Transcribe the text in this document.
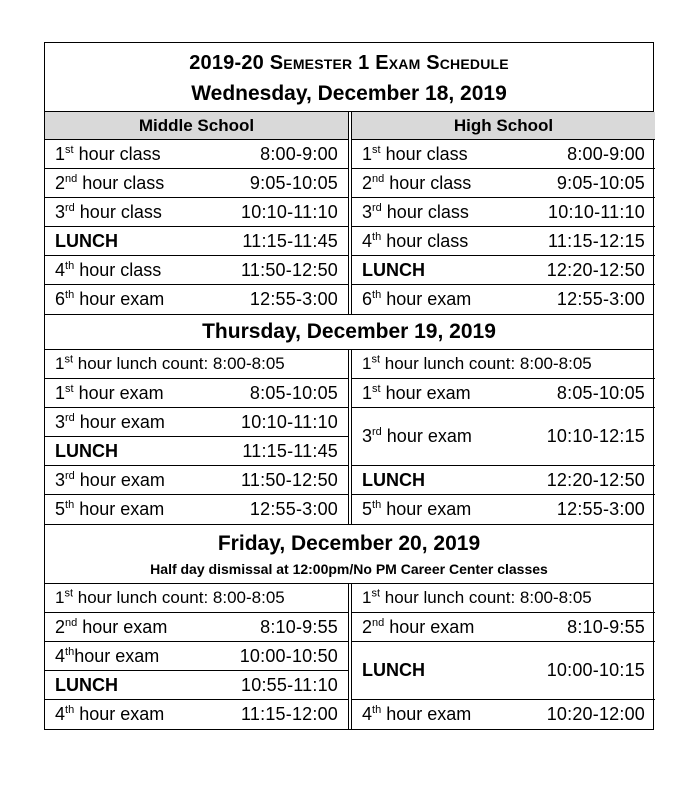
2019-20 Semester 1 Exam Schedule
Wednesday, December 18, 2019
Middle School
1st hour class	8:00-9:00
2nd hour class	9:05-10:05
3rd hour class	10:10-11:10
LUNCH	11:15-11:45
4th hour class	11:50-12:50
6th hour exam	12:55-3:00
High School
1st hour class	8:00-9:00
2nd hour class	9:05-10:05
3rd hour class	10:10-11:10
4th hour class	11:15-12:15
LUNCH	12:20-12:50
6th hour exam	12:55-3:00
Thursday, December 19, 2019
1st hour lunch count: 8:00-8:05
1st hour exam	8:05-10:05
3rd hour exam	10:10-11:10
LUNCH	11:15-11:45
3rd hour exam	11:50-12:50
5th hour exam	12:55-3:00
1st hour lunch count: 8:00-8:05
1st hour exam	8:05-10:05
3rd hour exam	10:10-12:15
LUNCH	12:20-12:50
5th hour exam	12:55-3:00
Friday, December 20, 2019
Half day dismissal at 12:00pm/No PM Career Center classes
1st hour lunch count: 8:00-8:05
2nd hour exam	8:10-9:55
4thhour exam	10:00-10:50
LUNCH	10:55-11:10
4th hour exam	11:15-12:00
1st hour lunch count: 8:00-8:05
2nd hour exam	8:10-9:55
LUNCH	10:00-10:15
4th hour exam	10:20-12:00
